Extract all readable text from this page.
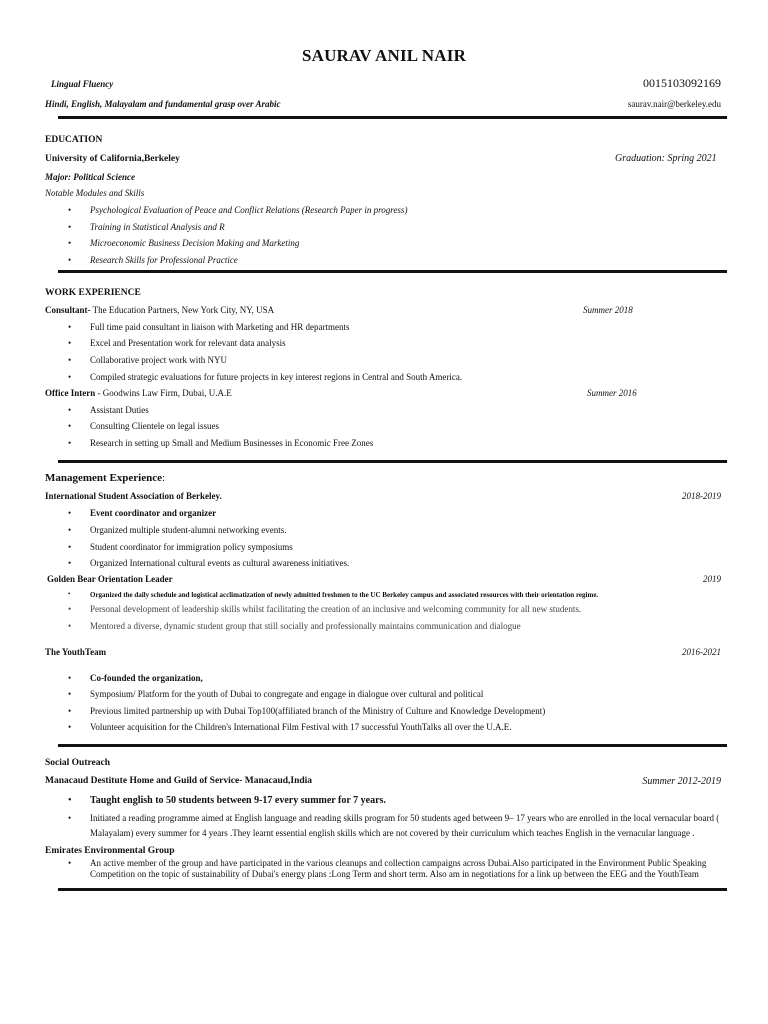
SAURAV ANIL NAIR
Lingual Fluency
Hindi, English, Malayalam and fundamental grasp over Arabic
0015103092169
saurav.nair@berkeley.edu
EDUCATION
University of California,Berkeley	Graduation: Spring 2021
Major: Political Science
Notable Modules and Skills
• Psychological Evaluation of Peace and Conflict Relations (Research Paper in progress)
• Training in Statistical Analysis and R
• Microeconomic Business Decision Making and Marketing
• Research Skills for Professional Practice
WORK EXPERIENCE
Consultant- The Education Partners, New York City, NY, USA	Summer 2018
• Full time paid consultant in liaison with Marketing and HR departments
• Excel and Presentation work for relevant data analysis
• Collaborative project work with NYU
• Compiled strategic evaluations for future projects in key interest regions in Central and South America.
Office Intern - Goodwins Law Firm, Dubai, U.A.E	Summer 2016
• Assistant Duties
• Consulting Clientele on legal issues
• Research in setting up Small and Medium Businesses in Economic Free Zones
Management Experience:
International Student Association of Berkeley.	2018-2019
• Event coordinator and organizer
• Organized multiple student-alumni networking events.
• Student coordinator for immigration policy symposiums
• Organized International cultural events as cultural awareness initiatives.
Golden Bear Orientation Leader	2019
•	Organized the daily schedule and logistical acclimatization of newly admitted freshmen to the UC Berkeley campus and associated resources with their orientation regime.
• Personal development of leadership skills whilst facilitating the creation of an inclusive and welcoming community for all new students.
• Mentored a diverse, dynamic student group that still socially and professionally maintains communication and dialogue
The YouthTeam	2016-2021
• Co-founded the organization,
• Symposium/ Platform for the youth of Dubai to congregate and engage in dialogue over cultural and political
• Previous limited partnership up with Dubai Top100(affiliated branch of the Ministry of Culture and Knowledge Development)
• Volunteer acquisition for the Children's International Film Festival with 17 successful YouthTalks all over the U.A.E.
Social Outreach
Manacaud Destitute Home and Guild of Service- Manacaud,India	Summer 2012-2019
• Taught english to 50 students between 9-17 every summer for 7 years.
• Initiated a reading programme aimed at English language and reading skills program for 50 students aged between 9– 17 years who are enrolled in the local vernacular board (
Malayalam) every summer for 4 years .They learnt essential english skills which are not covered by their curriculum which teaches English in the vernacular language .
Emirates Environmental Group
• An active member of the group and have participated in the various cleanups and collection campaigns across Dubai.Also participated in the Environment Public Speaking
Competition on the topic of sustainability of Dubai's energy plans :Long Term and short term. Also am in negotiations for a link up between the EEG and the YouthTeam
